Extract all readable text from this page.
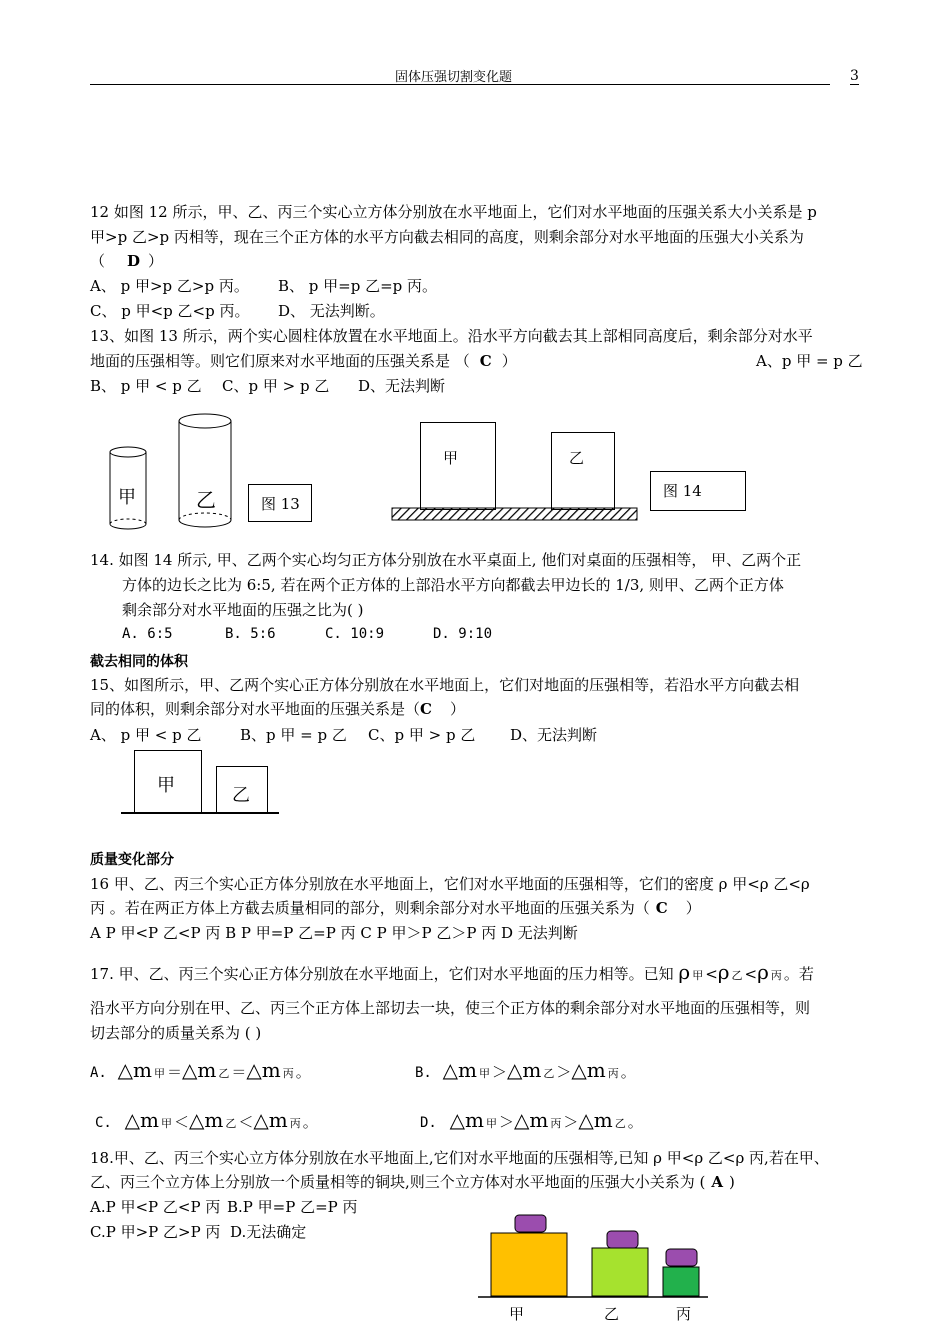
固体压强切割变化题	3
12 如图 12 所示，甲、乙、丙三个实心立方体分别放在水平地面上，它们对水平地面的压强关系大小关系是 p
甲>p 乙>p 丙相等，现在三个正方体的水平方向截去相同的高度，则剩余部分对水平地面的压强大小关系为
（ D ）
A、 p 甲>p 乙>p 丙。 B、 p 甲=p 乙=p 丙。
C、 p 甲<p 乙<p 丙。 D、 无法判断。
13、如图 13 所示，两个实心圆柱体放置在水平地面上。沿水平方向截去其上部相同高度后，剩余部分对水平
地面的压强相等。则它们原来对水平地面的压强关系是 （ C ）	A、p 甲 = p 乙
B、 p 甲 < p 乙 C、p 甲 > p 乙 D、无法判断
甲	乙	图 13
甲	乙
图 14
14. 如图 14 所示, 甲、乙两个实心均匀正方体分别放在水平桌面上, 他们对桌面的压强相等， 甲、乙两个正
方体的边长之比为 6:5, 若在两个正方体的上部沿水平方向都截去甲边长的 1/3, 则甲、乙两个正方体
剩余部分对水平地面的压强之比为( )
A. 6:5	B. 5:6	C. 10:9	D. 9:10
截去相同的体积
15、如图所示，甲、乙两个实心正方体分别放在水平地面上，它们对地面的压强相等，若沿水平方向截去相
同的体积，则剩余部分对水平地面的压强关系是（C ）
A、 p 甲 < p 乙	B、p 甲 = p 乙 C、p 甲 > p 乙 D、无法判断
甲	乙
质量变化部分
16 甲、乙、丙三个实心正方体分别放在水平地面上，它们对水平地面的压强相等，它们的密度 ρ 甲<ρ 乙<ρ
丙 。若在两正方体上方截去质量相同的部分，则剩余部分对水平地面的压强关系为（ C ）
A P 甲<P 乙<P 丙 B P 甲=P 乙=P 丙 C P 甲＞P 乙＞P 丙 D 无法判断
17. 甲、乙、丙三个实心正方体分别放在水平地面上，它们对水平地面的压力相等。已知 ρ 甲 <ρ 乙 <ρ 丙 。若
沿水平方向分别在甲、乙、丙三个正方体上部切去一块，使三个正方体的剩余部分对水平地面的压强相等，则
切去部分的质量关系为 ( )
A. △m 甲 ＝△m 乙 ＝△m 丙 。	B. △m 甲 ＞△m 乙 ＞△m 丙 。
C. △m 甲 ＜△m 乙 ＜△m 丙 。	D. △m 甲 ＞△m 丙 ＞△m 乙 。
18.甲、乙、丙三个实心立方体分别放在水平地面上,它们对水平地面的压强相等,已知 ρ 甲<ρ 乙<ρ 丙,若在甲、
乙、丙三个立方体上分别放一个质量相等的铜块,则三个立方体对水平地面的压强大小关系为 ( A )
A.P 甲<P 乙<P 丙 B.P 甲=P 乙=P 丙
C.P 甲>P 乙>P 丙 D.无法确定
甲	乙	丙
